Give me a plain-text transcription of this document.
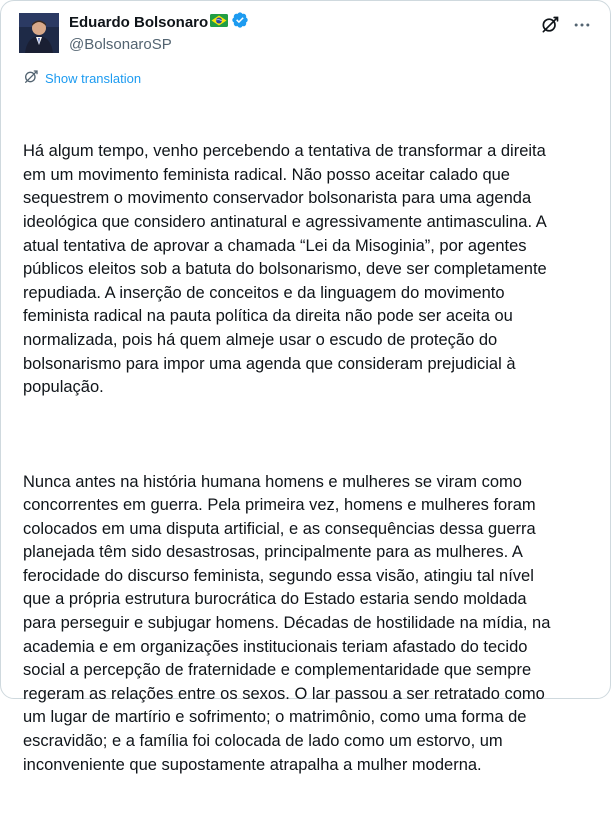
Eduardo Bolsonaro
@BolsonaroSP
Show translation

Há algum tempo, venho percebendo a tentativa de transformar a direita
em um movimento feminista radical. Não posso aceitar calado que
sequestrem o movimento conservador bolsonarista para uma agenda
ideológica que considero antinatural e agressivamente antimasculina. A
atual tentativa de aprovar a chamada “Lei da Misoginia”, por agentes
públicos eleitos sob a batuta do bolsonarismo, deve ser completamente
repudiada. A inserção de conceitos e da linguagem do movimento
feminista radical na pauta política da direita não pode ser aceita ou
normalizada, pois há quem almeje usar o escudo de proteção do
bolsonarismo para impor uma agenda que consideram prejudicial à
população.

Nunca antes na história humana homens e mulheres se viram como
concorrentes em guerra. Pela primeira vez, homens e mulheres foram
colocados em uma disputa artificial, e as consequências dessa guerra
planejada têm sido desastrosas, principalmente para as mulheres. A
ferocidade do discurso feminista, segundo essa visão, atingiu tal nível
que a própria estrutura burocrática do Estado estaria sendo moldada
para perseguir e subjugar homens. Décadas de hostilidade na mídia, na
academia e em organizações institucionais teriam afastado do tecido
social a percepção de fraternidade e complementaridade que sempre
regeram as relações entre os sexos. O lar passou a ser retratado como
um lugar de martírio e sofrimento; o matrimônio, como uma forma de
escravidão; e a família foi colocada de lado como um estorvo, um
inconveniente que supostamente atrapalha a mulher moderna.
